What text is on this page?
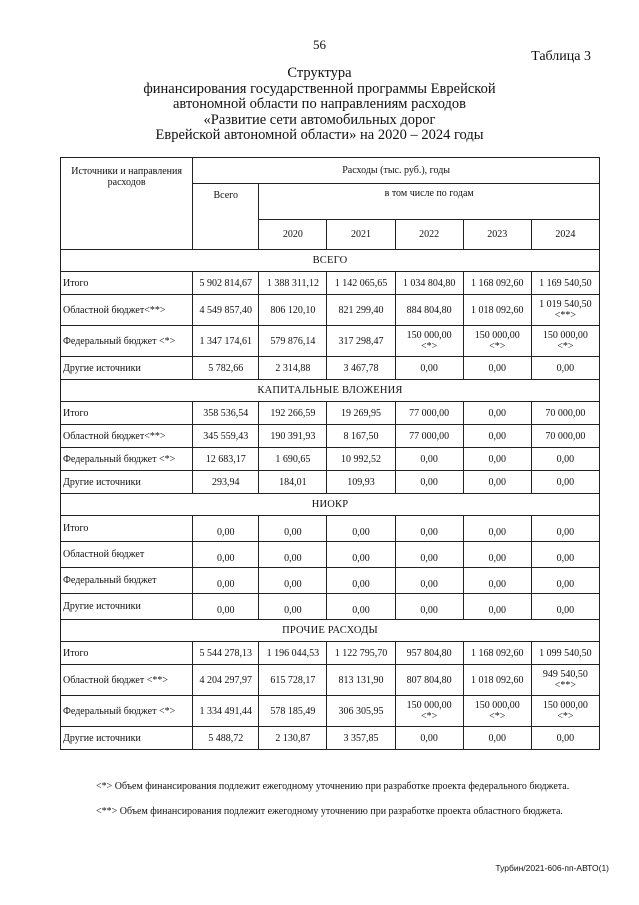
56
Таблица 3
Структура
финансирования государственной программы Еврейской
автономной области по направлениям расходов
«Развитие сети автомобильных дорог
Еврейской автономной области» на 2020 – 2024 годы
Источники и направления расходов	Расходы (тыс. руб.), годы					
	Всего	в том числе по годам				
		2020	2021	2022	2023	2024
ВСЕГО						
Итого	5 902 814,67	1 388 311,12	1 142 065,65	1 034 804,80	1 168 092,60	1 169 540,50
Областной бюджет<**>	4 549 857,40	806 120,10	821 299,40	884 804,80	1 018 092,60	1 019 540,50 <**>
Федеральный бюджет <*>	1 347 174,61	579 876,14	317 298,47	150 000,00 <*>	150 000,00 <*>	150 000,00 <*>
Другие источники	5 782,66	2 314,88	3 467,78	0,00	0,00	0,00
КАПИТАЛЬНЫЕ ВЛОЖЕНИЯ						
Итого	358 536,54	192 266,59	19 269,95	77 000,00	0,00	70 000,00
Областной бюджет<**>	345 559,43	190 391,93	8 167,50	77 000,00	0,00	70 000,00
Федеральный бюджет <*>	12 683,17	1 690,65	10 992,52	0,00	0,00	0,00
Другие источники	293,94	184,01	109,93	0,00	0,00	0,00
НИОКР						
Итого	0,00	0,00	0,00	0,00	0,00	0,00
Областной бюджет	0,00	0,00	0,00	0,00	0,00	0,00
Федеральный бюджет	0,00	0,00	0,00	0,00	0,00	0,00
Другие источники	0,00	0,00	0,00	0,00	0,00	0,00
ПРОЧИЕ РАСХОДЫ						
Итого	5 544 278,13	1 196 044,53	1 122 795,70	957 804,80	1 168 092,60	1 099 540,50
Областной бюджет <**>	4 204 297,97	615 728,17	813 131,90	807 804,80	1 018 092,60	949 540,50 <**>
Федеральный бюджет <*>	1 334 491,44	578 185,49	306 305,95	150 000,00 <*>	150 000,00 <*>	150 000,00 <*>
Другие источники	5 488,72	2 130,87	3 357,85	0,00	0,00	0,00
<*> Объем финансирования подлежит ежегодному уточнению при разработке проекта федерального бюджета.
<**> Объем финансирования подлежит ежегодному уточнению при разработке проекта областного бюджета.
Турбин/2021-606-пп-АВТО(1)
